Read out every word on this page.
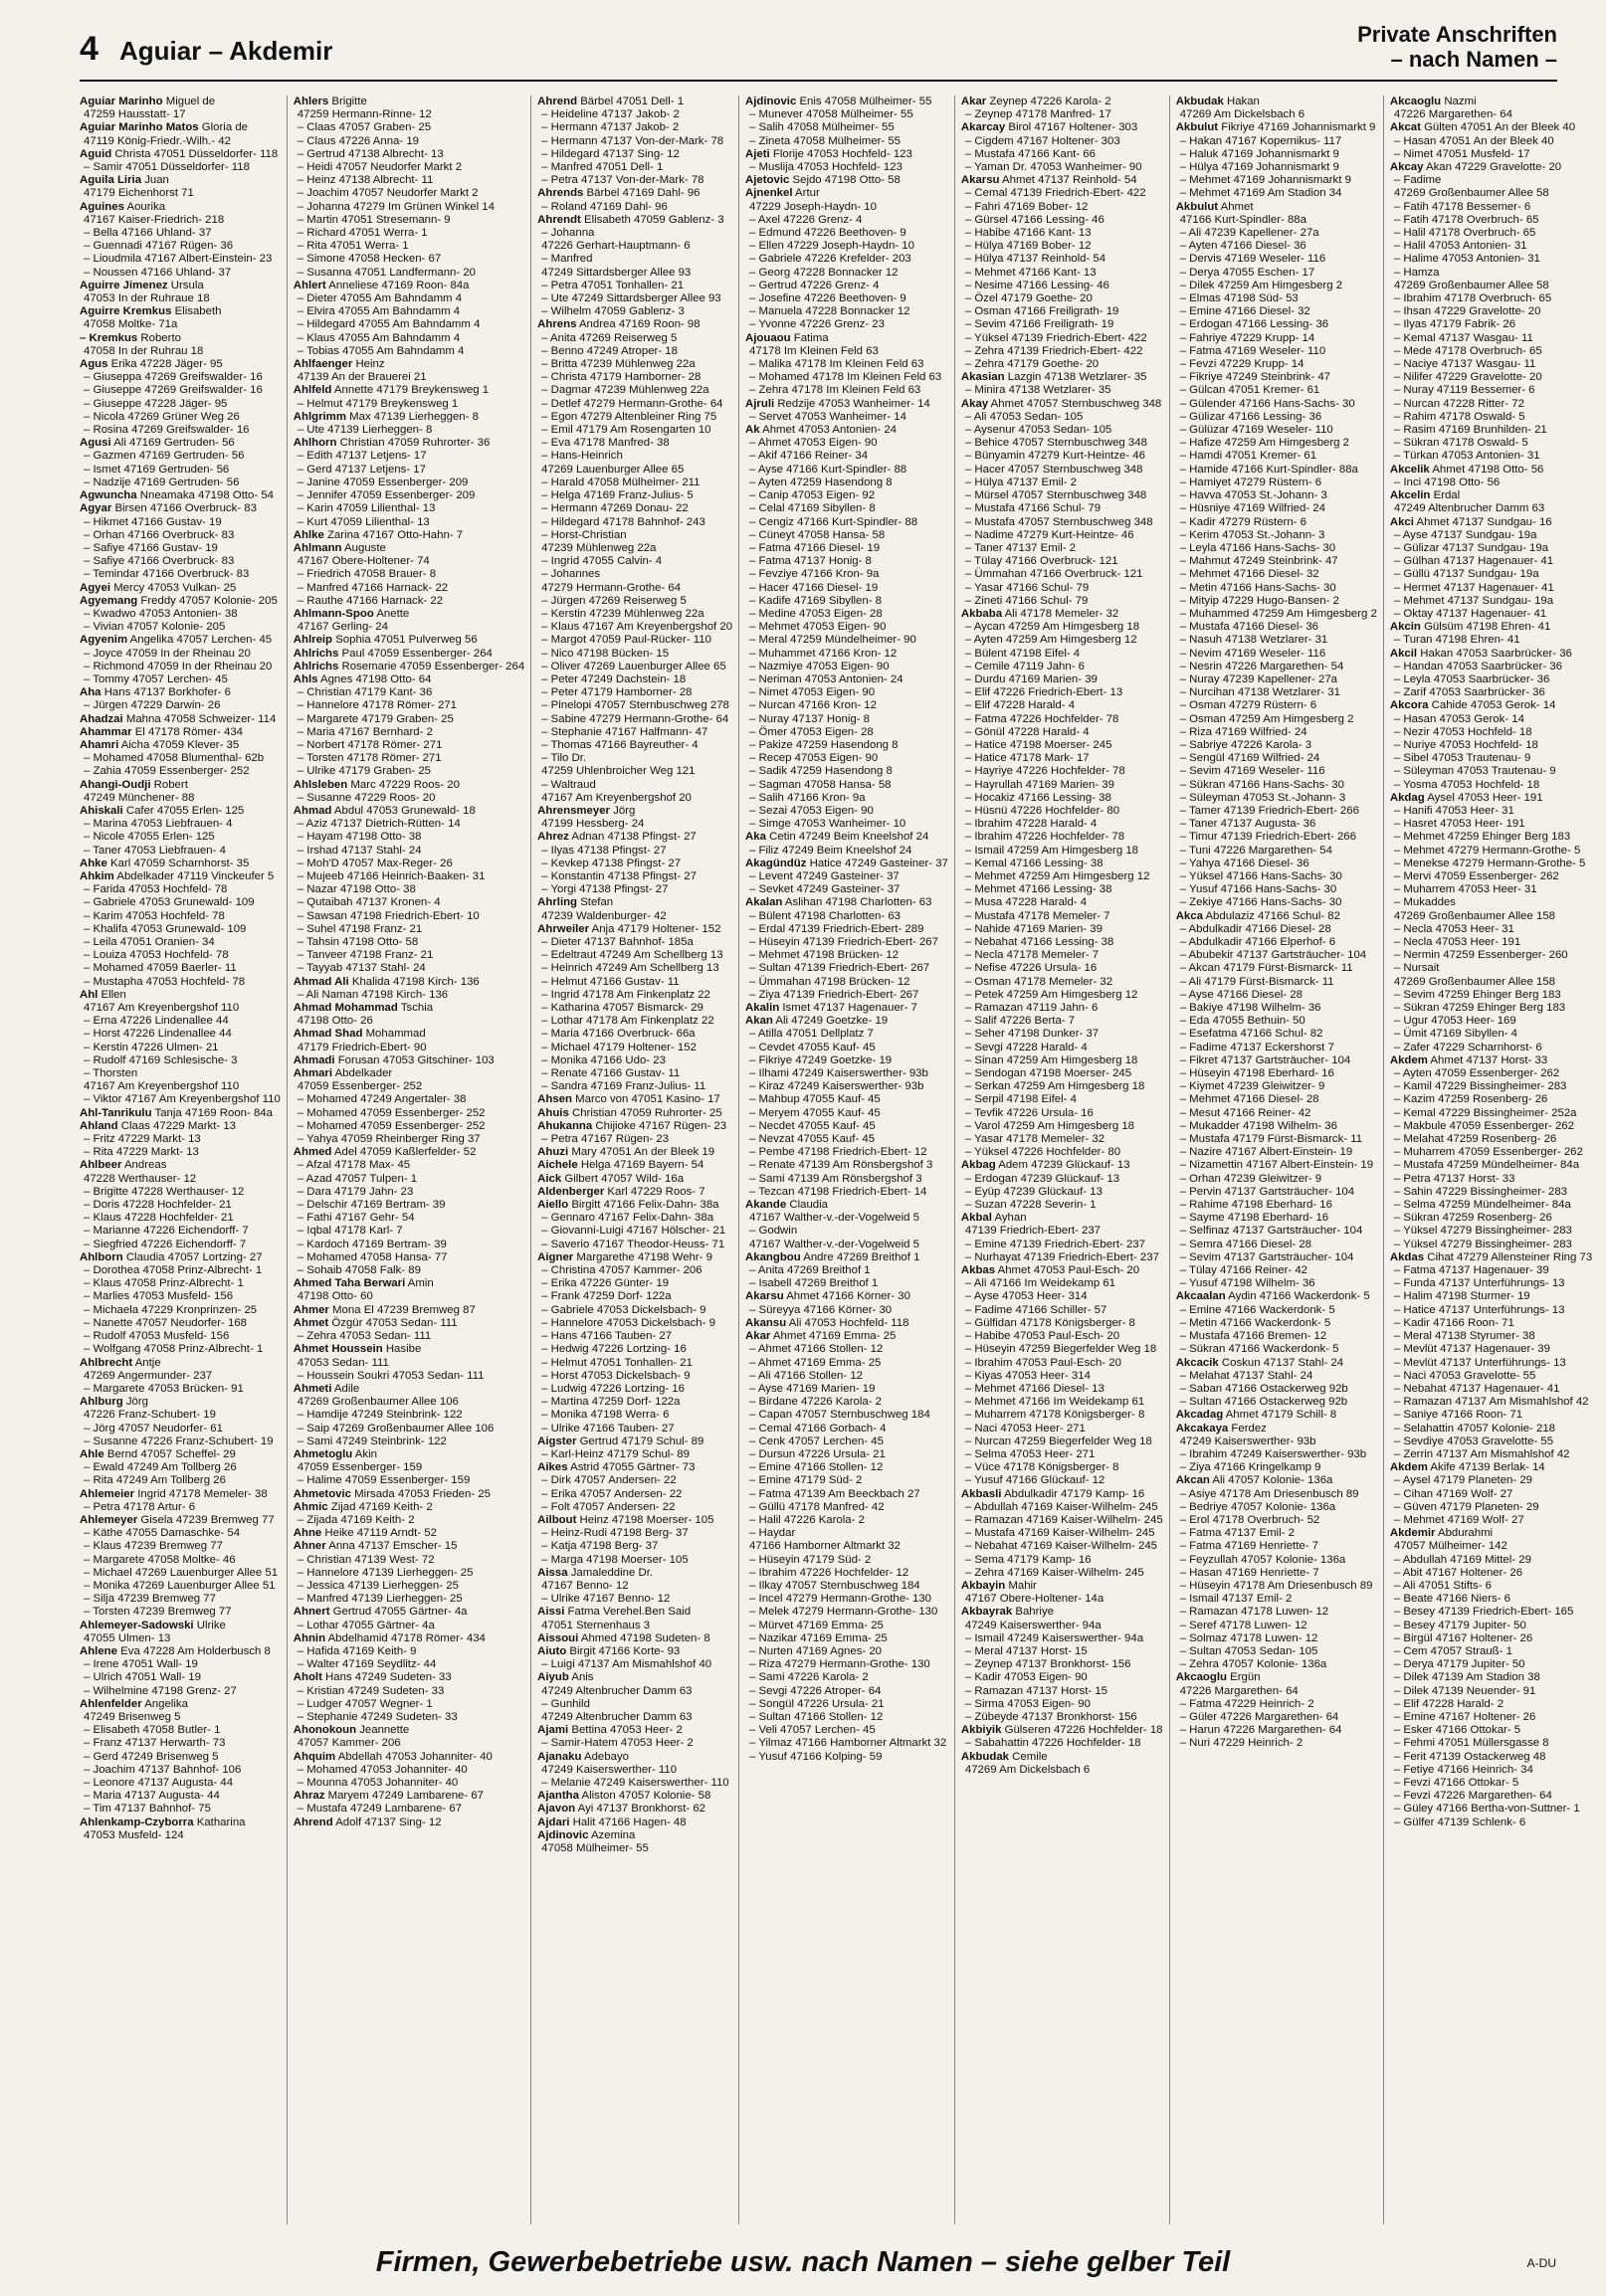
4 Aguiar – Akdemir
Private Anschriften
– nach Namen –
Aguiar Marinho Miguel de
47259 Hausstatt- 17
Aguiar Marinho Matos Gloria de
47119 König-Friedr.-Wilh.- 42
Aguid Christa 47051 Düsseldorfer- 118
– Samir 47051 Düsseldorfer- 118
Aguila Liria Juan
47179 Eichenhorst 71
Aguines Aourika
47167 Kaiser-Friedrich- 218
– Bella 47166 Uhland- 37
– Guennadi 47167 Rügen- 36
– Lioudmila 47167 Albert-Einstein- 23
– Noussen 47166 Uhland- 37
Aguirre Jimenez Ursula
47053 In der Ruhraue 18
Aguirre Kremkus Elisabeth
47058 Moltke- 71a
– Kremkus Roberto
47058 In der Ruhrau 18
Agus Erika 47228 Jäger- 95
– Giuseppa 47269 Greifswalder- 16
– Giuseppe 47269 Greifswalder- 16
– Giuseppe 47228 Jäger- 95
– Nicola 47269 Grüner Weg 26
– Rosina 47269 Greifswalder- 16
Agusi Ali 47169 Gertruden- 56
– Gazmen 47169 Gertruden- 56
– Ismet 47169 Gertruden- 56
– Nadzije 47169 Gertruden- 56
Agwuncha Nneamaka 47198 Otto- 54
Agyar Birsen 47166 Overbruck- 83
– Hikmet 47166 Gustav- 19
– Orhan 47166 Overbruck- 83
– Safiye 47166 Gustav- 19
– Safiye 47166 Overbruck- 83
– Temindar 47166 Overbruck- 83
Agyei Mercy 47053 Vulkan- 25
Agyemang Freddy 47057 Kolonie- 205
– Kwadwo 47053 Antonien- 38
– Vivian 47057 Kolonie- 205
Agyenim Angelika 47057 Lerchen- 45
– Joyce 47059 In der Rheinau 20
– Richmond 47059 In der Rheinau 20
– Tommy 47057 Lerchen- 45
Aha Hans 47137 Borkhofer- 6
– Jürgen 47229 Darwin- 26
Ahadzai Mahna 47058 Schweizer- 114
Ahammar El 47178 Römer- 434
Ahamri Aicha 47059 Klever- 35
– Mohamed 47058 Blumenthal- 62b
– Zahia 47059 Essenberger- 252
Ahangi-Oudji Robert
47249 Münchener- 88
Ahiskali Cafer 47055 Erlen- 125
– Marina 47053 Liebfrauen- 4
– Nicole 47055 Erlen- 125
– Taner 47053 Liebfrauen- 4
Ahke Karl 47059 Scharnhorst- 35
Ahkim Abdelkader 47119 Vinckeufer 5
– Farida 47053 Hochfeld- 78
– Gabriele 47053 Grunewald- 109
– Karim 47053 Hochfeld- 78
– Khalifa 47053 Grunewald- 109
– Leila 47051 Oranien- 34
– Louiza 47053 Hochfeld- 78
– Mohamed 47059 Baerler- 11
– Mustapha 47053 Hochfeld- 78
Ahl Ellen
47167 Am Kreyenbergshof 110
– Erna 47226 Lindenallee 44
– Horst 47226 Lindenallee 44
– Kerstin 47226 Ulmen- 21
– Rudolf 47169 Schlesische- 3
– Thorsten
47167 Am Kreyenbergshof 110
– Viktor 47167 Am Kreyenbergshof 110
Ahl-Tanrikulu Tanja 47169 Roon- 84a
Ahland Claas 47229 Markt- 13
– Fritz 47229 Markt- 13
– Rita 47229 Markt- 13
Ahlbeer Andreas
47228 Werthauser- 12
– Brigitte 47228 Werthauser- 12
– Doris 47228 Hochfelder- 21
– Klaus 47228 Hochfelder- 21
– Marianne 47226 Eichendorff- 7
– Siegfried 47226 Eichendorff- 7
Ahlborn Claudia 47057 Lortzing- 27
– Dorothea 47058 Prinz-Albrecht- 1
– Klaus 47058 Prinz-Albrecht- 1
– Marlies 47053 Musfeld- 156
– Michaela 47229 Kronprinzen- 25
– Nanette 47057 Neudorfer- 168
– Rudolf 47053 Musfeld- 156
– Wolfgang 47058 Prinz-Albrecht- 1
Ahlbrecht Antje
47269 Angermunder- 237
– Margarete 47053 Brücken- 91
Ahlburg Jörg
47226 Franz-Schubert- 19
– Jörg 47057 Neudorfer- 61
– Susanne 47226 Franz-Schubert- 19
Ahle Bernd 47057 Scheffel- 29
– Ewald 47249 Am Tollberg 26
– Rita 47249 Am Tollberg 26
Ahlemeier Ingrid 47178 Memeler- 38
– Petra 47178 Artur- 6
Ahlemeyer Gisela 47239 Bremweg 77
– Käthe 47055 Damaschke- 54
– Klaus 47239 Bremweg 77
– Margarete 47058 Moltke- 46
– Michael 47269 Lauenburger Allee 51
– Monika 47269 Lauenburger Allee 51
– Silja 47239 Bremweg 77
– Torsten 47239 Bremweg 77
Ahlemeyer-Sadowski Ulrike
47055 Ulmen- 13
Ahlene Eva 47228 Am Holderbusch 8
– Irene 47051 Wall- 19
– Ulrich 47051 Wall- 19
– Wilhelmine 47198 Grenz- 27
Ahlenfelder Angelika
47249 Brisenweg 5
– Elisabeth 47058 Butler- 1
– Franz 47137 Herwarth- 73
– Gerd 47249 Brisenweg 5
– Joachim 47137 Bahnhof- 106
– Leonore 47137 Augusta- 44
– Maria 47137 Augusta- 44
– Tim 47137 Bahnhof- 75
Ahlenkamp-Czyborra Katharina
47053 Musfeld- 124
Ahlers Brigitte
47259 Hermann-Rinne- 12
– Claas 47057 Graben- 25
– Claus 47226 Anna- 19
– Gertrud 47138 Albrecht- 13
– Heidi 47057 Neudorfer Markt 2
– Heinz 47138 Albrecht- 11
– Joachim 47057 Neudorfer Markt 2
– Johanna 47279 Im Grünen Winkel 14
– Martin 47051 Stresemann- 9
– Richard 47051 Werra- 1
– Rita 47051 Werra- 1
– Simone 47058 Hecken- 67
– Susanna 47051 Landfermann- 20
Ahlert Anneliese 47169 Roon- 84a
– Dieter 47055 Am Bahndamm 4
– Elvira 47055 Am Bahndamm 4
– Hildegard 47055 Am Bahndamm 4
– Klaus 47055 Am Bahndamm 4
– Tobias 47055 Am Bahndamm 4
Ahlfaenger Heinz
47139 An der Brauerei 21
Ahlfeld Annette 47179 Breykensweg 1
– Helmut 47179 Breykensweg 1
Ahlgrimm Max 47139 Lierheggen- 8
– Ute 47139 Lierheggen- 8
Ahlhorn Christian 47059 Ruhrorter- 36
– Edith 47137 Letjens- 17
– Gerd 47137 Letjens- 17
– Janine 47059 Essenberger- 209
– Jennifer 47059 Essenberger- 209
– Karin 47059 Lilienthal- 13
– Kurt 47059 Lilienthal- 13
Ahlke Zarina 47167 Otto-Hahn- 7
Ahlmann Auguste
47167 Obere-Holtener- 74
– Friedrich 47058 Brauer- 8
– Manfred 47166 Harnack- 22
– Rauthe 47166 Harnack- 22
Ahlmann-Spoo Anette
47167 Gerling- 24
Ahlreip Sophia 47051 Pulverweg 56
Ahlrichs Paul 47059 Essenberger- 264
Ahlrichs Rosemarie 47059 Essenberger- 264
Ahls Agnes 47198 Otto- 64
– Christian 47179 Kant- 36
– Hannelore 47178 Römer- 271
– Margarete 47179 Graben- 25
– Maria 47167 Bernhard- 2
– Norbert 47178 Römer- 271
– Torsten 47178 Römer- 271
– Ulrike 47179 Graben- 25
Ahlsleben Marc 47229 Roos- 20
– Susanne 47229 Roos- 20
Ahmad Abdul 47053 Grunewald- 18
– Aziz 47137 Dietrich-Rütten- 14
– Hayam 47198 Otto- 38
– Irshad 47137 Stahl- 24
– Moh'D 47057 Max-Reger- 26
– Mujeeb 47166 Heinrich-Baaken- 31
– Nazar 47198 Otto- 38
– Qutaibah 47137 Kronen- 4
– Sawsan 47198 Friedrich-Ebert- 10
– Suhel 47198 Franz- 21
– Tahsin 47198 Otto- 58
– Tanveer 47198 Franz- 21
– Tayyab 47137 Stahl- 24
Ahmad Ali Khalida 47198 Kirch- 136
– Ali Naman 47198 Kirch- 136
Ahmad Mohammad Tschia
47198 Otto- 26
Ahmad Shad Mohammad
47179 Friedrich-Ebert- 90
Ahmadi Forusan 47053 Gitschiner- 103
Ahmari Abdelkader
47059 Essenberger- 252
– Mohamed 47249 Angertaler- 38
– Mohamed 47059 Essenberger- 252
– Mohamed 47059 Essenberger- 252
– Yahya 47059 Rheinberger Ring 37
Ahmed Adel 47059 Kaßlerfelder- 52
– Afzal 47178 Max- 45
– Azad 47057 Tulpen- 1
– Dara 47179 Jahn- 23
– Delschir 47169 Bertram- 39
– Fathi 47167 Gehr- 54
– Iqbal 47178 Karl- 7
– Kardoch 47169 Bertram- 39
– Mohamed 47058 Hansa- 77
– Sohaib 47058 Falk- 89
Ahmed Taha Berwari Amin
47198 Otto- 60
Ahmer Mona El 47239 Bremweg 87
Ahmet Özgür 47053 Sedan- 111
– Zehra 47053 Sedan- 111
Ahmet Houssein Hasibe
47053 Sedan- 111
– Houssein Soukri 47053 Sedan- 111
Ahmeti Adile
47269 Großenbaumer Allee 106
– Hamdije 47249 Steinbrink- 122
– Saip 47269 Großenbaumer Allee 106
– Sami 47249 Steinbrink- 122
Ahmetoglu Akin
47059 Essenberger- 159
– Halime 47059 Essenberger- 159
Ahmetovic Mirsada 47053 Frieden- 25
Ahmic Zijad 47169 Keith- 2
– Zijada 47169 Keith- 2
Ahne Heike 47119 Arndt- 52
Ahner Anna 47137 Emscher- 15
– Christian 47139 West- 72
– Hannelore 47139 Lierheggen- 25
– Jessica 47139 Lierheggen- 25
– Manfred 47139 Lierheggen- 25
Ahnert Gertrud 47055 Gärtner- 4a
– Lothar 47055 Gärtner- 4a
Ahnin Abdelhamid 47178 Römer- 434
– Hafida 47169 Keith- 9
– Walter 47169 Seydlitz- 44
Aholt Hans 47249 Sudeten- 33
– Kristian 47249 Sudeten- 33
– Ludger 47057 Wegner- 1
– Stephanie 47249 Sudeten- 33
Ahonokoun Jeannette
47057 Kammer- 206
Ahquim Abdellah 47053 Johanniter- 40
– Mohamed 47053 Johanniter- 40
– Mounna 47053 Johanniter- 40
Ahraz Maryem 47249 Lambarene- 67
– Mustafa 47249 Lambarene- 67
Ahrend Adolf 47137 Sing- 12
Ahrend Bärbel 47051 Dell- 1
– Heideline 47137 Jakob- 2
– Hermann 47137 Jakob- 2
– Hermann 47137 Von-der-Mark- 78
– Hildegard 47137 Sing- 12
– Manfred 47051 Dell- 1
– Petra 47137 Von-der-Mark- 78
Ahrends Bärbel 47169 Dahl- 96
– Roland 47169 Dahl- 96
Ahrendt Elisabeth 47059 Gablenz- 3
– Johanna
47226 Gerhart-Hauptmann- 6
– Manfred
47249 Sittardsberger Allee 93
– Petra 47051 Tonhallen- 21
– Ute 47249 Sittardsberger Allee 93
– Wilhelm 47059 Gablenz- 3
Ahrens Andrea 47169 Roon- 98
– Anita 47269 Reiserweg 5
– Benno 47249 Atroper- 18
– Britta 47239 Mühlenweg 22a
– Christa 47179 Hamborner- 28
– Dagmar 47239 Mühlenweg 22a
– Detlef 47279 Hermann-Grothe- 64
– Egon 47279 Altenbleiner Ring 75
– Emil 47179 Am Rosengarten 10
– Eva 47178 Manfred- 38
– Hans-Heinrich
47269 Lauenburger Allee 65
– Harald 47058 Mülheimer- 211
– Helga 47169 Franz-Julius- 5
– Hermann 47269 Donau- 22
– Hildegard 47178 Bahnhof- 243
– Horst-Christian
47239 Mühlenweg 22a
– Ingrid 47055 Calvin- 4
– Johannes
47279 Hermann-Grothe- 64
– Jürgen 47269 Reiserweg 5
– Kerstin 47239 Mühlenweg 22a
– Klaus 47167 Am Kreyenbergshof 20
– Margot 47059 Paul-Rücker- 110
– Nico 47198 Bücken- 15
– Oliver 47269 Lauenburger Allee 65
– Peter 47249 Dachstein- 18
– Peter 47179 Hamborner- 28
– Pinelopi 47057 Sternbuschweg 278
– Sabine 47279 Hermann-Grothe- 64
– Stephanie 47167 Halfmann- 47
– Thomas 47166 Bayreuther- 4
– Tilo Dr.
47259 Uhlenbroicher Weg 121
– Waltraud
47167 Am Kreyenbergshof 20
Ahrensmeyer Jörg
47199 Hessberg- 24
Ahrez Adnan 47138 Pfingst- 27
– Ilyas 47138 Pfingst- 27
– Kevkep 47138 Pfingst- 27
– Konstantin 47138 Pfingst- 27
– Yorgi 47138 Pfingst- 27
Ahrling Stefan
47239 Waldenburger- 42
Ahrweiler Anja 47179 Holtener- 152
– Dieter 47137 Bahnhof- 185a
– Edeltraut 47249 Am Schellberg 13
– Heinrich 47249 Am Schellberg 13
– Helmut 47166 Gustav- 11
– Ingrid 47178 Am Finkenplatz 22
– Katharina 47057 Bismarck- 29
– Lothar 47178 Am Finkenplatz 22
– Maria 47166 Overbruck- 66a
– Michael 47179 Holtener- 152
– Monika 47166 Udo- 23
– Renate 47166 Gustav- 11
– Sandra 47169 Franz-Julius- 11
Ahsen Marco von 47051 Kasino- 17
Ahuis Christian 47059 Ruhrorter- 25
Ahukanna Chijioke 47167 Rügen- 23
– Petra 47167 Rügen- 23
Ahuzi Mary 47051 An der Bleek 19
Aichele Helga 47169 Bayern- 54
Aick Gilbert 47057 Wild- 16a
Aldenberger Karl 47229 Roos- 7
Aiello Birgitt 47166 Felix-Dahn- 38a
– Gennaro 47167 Felix-Dahn- 38a
– Giovanni-Luigi 47167 Hölscher- 21
– Saverio 47167 Theodor-Heuss- 71
Aigner Margarethe 47198 Wehr- 9
– Christina 47057 Kammer- 206
– Erika 47226 Günter- 19
– Frank 47259 Dorf- 122a
– Gabriele 47053 Dickelsbach- 9
– Hannelore 47053 Dickelsbach- 9
– Hans 47166 Tauben- 27
– Hedwig 47226 Lortzing- 16
– Helmut 47051 Tonhallen- 21
– Horst 47053 Dickelsbach- 9
– Ludwig 47226 Lortzing- 16
– Martina 47259 Dorf- 122a
– Monika 47198 Werra- 6
– Ulrike 47166 Tauben- 27
Aigster Gertrud 47179 Schul- 89
– Karl-Heinz 47179 Schul- 89
Aikes Astrid 47055 Gärtner- 73
– Dirk 47057 Andersen- 22
– Erika 47057 Andersen- 22
– Folt 47057 Andersen- 22
Ailbout Heinz 47198 Moerser- 105
– Heinz-Rudi 47198 Berg- 37
– Katja 47198 Berg- 37
– Marga 47198 Moerser- 105
Aissa Jamaleddine Dr.
47167 Benno- 12
– Ulrike 47167 Benno- 12
Aissi Fatma Verehel.Ben Said
47051 Sternenhaus 3
Aissoui Ahmed 47198 Sudeten- 8
Aiuto Birgit 47166 Korte- 93
– Luigi 47137 Am Mismahlshof 40
Aiyub Anis
47249 Altenbrucher Damm 63
– Gunhild
47249 Altenbrucher Damm 63
Ajami Bettina 47053 Heer- 2
– Samir-Hatem 47053 Heer- 2
Ajanaku Adebayo
47249 Kaiserswerther- 110
– Melanie 47249 Kaiserswerther- 110
Ajantha Aliston 47057 Kolonie- 58
Ajavon Ayi 47137 Bronkhorst- 62
Ajdari Halit 47166 Hagen- 48
Ajdinovic Azemina
47058 Mülheimer- 55
Ajdinovic Enis 47058 Mülheimer- 55
– Munever 47058 Mülheimer- 55
– Salih 47058 Mülheimer- 55
– Zineta 47058 Mülheimer- 55
Ajeti Florije 47053 Hochfeld- 123
– Muslija 47053 Hochfeld- 123
Ajetovic Sejdo 47198 Otto- 58
Ajnenkel Artur
47229 Joseph-Haydn- 10
– Axel 47226 Grenz- 4
– Edmund 47226 Beethoven- 9
– Ellen 47229 Joseph-Haydn- 10
– Gabriele 47226 Krefelder- 203
– Georg 47228 Bonnacker 12
– Gertrud 47226 Grenz- 4
– Josefine 47226 Beethoven- 9
– Manuela 47228 Bonnacker 12
– Yvonne 47226 Grenz- 23
Ajouaou Fatima
47178 Im Kleinen Feld 63
– Malika 47178 Im Kleinen Feld 63
– Mohamed 47178 Im Kleinen Feld 63
– Zehra 47178 Im Kleinen Feld 63
Ajruli Redzije 47053 Wanheimer- 14
– Servet 47053 Wanheimer- 14
Ak Ahmet 47053 Antonien- 24
– Ahmet 47053 Eigen- 90
– Akif 47166 Reiner- 34
– Ayse 47166 Kurt-Spindler- 88
– Ayten 47259 Hasendong 8
– Canip 47053 Eigen- 92
– Celal 47169 Sibyllen- 8
– Cengiz 47166 Kurt-Spindler- 88
– Cüneyt 47058 Hansa- 58
– Fatma 47166 Diesel- 19
– Fatma 47137 Honig- 8
– Fevziye 47166 Kron- 9a
– Hacer 47166 Diesel- 19
– Kadife 47169 Sibyllen- 8
– Medine 47053 Eigen- 28
– Mehmet 47053 Eigen- 90
– Meral 47259 Mündelheimer- 90
– Muhammet 47166 Kron- 12
– Nazmiye 47053 Eigen- 90
– Neriman 47053 Antonien- 24
– Nimet 47053 Eigen- 90
– Nurcan 47166 Kron- 12
– Nuray 47137 Honig- 8
– Ömer 47053 Eigen- 28
– Pakize 47259 Hasendong 8
– Recep 47053 Eigen- 90
– Sadik 47259 Hasendong 8
– Sagman 47058 Hansa- 58
– Salih 47166 Kron- 9a
– Sezai 47053 Eigen- 90
– Simge 47053 Wanheimer- 10
Aka Cetin 47249 Beim Kneelshof 24
– Filiz 47249 Beim Kneelshof 24
Akagündüz Hatice 47249 Gasteiner- 37
– Levent 47249 Gasteiner- 37
– Sevket 47249 Gasteiner- 37
Akalan Aslihan 47198 Charlotten- 63
– Bülent 47198 Charlotten- 63
– Erdal 47139 Friedrich-Ebert- 289
– Hüseyin 47139 Friedrich-Ebert- 267
– Mehmet 47198 Brücken- 12
– Sultan 47139 Friedrich-Ebert- 267
– Ümmahan 47198 Brücken- 12
– Ziya 47139 Friedrich-Ebert- 267
Akalin Ismet 47137 Hagenauer- 7
Akan Ali 47249 Goetzke- 19
– Atilla 47051 Dellplatz 7
– Cevdet 47055 Kauf- 45
– Fikriye 47249 Goetzke- 19
– Ilhami 47249 Kaiserswerther- 93b
– Kiraz 47249 Kaiserswerther- 93b
– Mahbup 47055 Kauf- 45
– Meryem 47055 Kauf- 45
– Necdet 47055 Kauf- 45
– Nevzat 47055 Kauf- 45
– Pembe 47198 Friedrich-Ebert- 12
– Renate 47139 Am Rönsbergshof 3
– Sami 47139 Am Rönsbergshof 3
– Tezcan 47198 Friedrich-Ebert- 14
Akande Claudia
47167 Walther-v.-der-Vogelweid 5
– Godwin
47167 Walther-v.-der-Vogelweid 5
Akangbou Andre 47269 Breithof 1
– Anita 47269 Breithof 1
– Isabell 47269 Breithof 1
Akarsu Ahmet 47166 Körner- 30
– Süreyya 47166 Körner- 30
Akansu Ali 47053 Hochfeld- 118
Akar Ahmet 47169 Emma- 25
– Ahmet 47166 Stollen- 12
– Ahmet 47169 Emma- 25
– Ali 47166 Stollen- 12
– Ayse 47169 Marien- 19
– Birdane 47226 Karola- 2
– Capan 47057 Sternbuschweg 184
– Cemal 47166 Gorbach- 4
– Cenk 47057 Lerchen- 45
– Dursun 47226 Ursula- 21
– Emine 47166 Stollen- 12
– Emine 47179 Süd- 2
– Fatma 47139 Am Beeckbach 27
– Güllü 47178 Manfred- 42
– Halil 47226 Karola- 2
– Haydar
47166 Hamborner Altmarkt 32
– Hüseyin 47179 Süd- 2
– Ibrahim 47226 Hochfelder- 12
– Ilkay 47057 Sternbuschweg 184
– Incel 47279 Hermann-Grothe- 130
– Melek 47279 Hermann-Grothe- 130
– Mürvet 47169 Emma- 25
– Nazikar 47169 Emma- 25
– Nurten 47169 Agnes- 20
– Riza 47279 Hermann-Grothe- 130
– Sami 47226 Karola- 2
– Sevgi 47226 Atroper- 64
– Songül 47226 Ursula- 21
– Sultan 47166 Stollen- 12
– Veli 47057 Lerchen- 45
– Yilmaz 47166 Hamborner Altmarkt 32
– Yusuf 47166 Kolping- 59
Akar Zeynep 47226 Karola- 2
– Zeynep 47178 Manfred- 17
Akarcay Birol 47167 Holtener- 303
– Cigdem 47167 Holtener- 303
– Mustafa 47166 Kant- 66
– Yaman Dr. 47053 Wanheimer- 90
Akarsu Ahmet 47137 Reinhold- 54
– Cemal 47139 Friedrich-Ebert- 422
– Fahri 47169 Bober- 12
– Gürsel 47166 Lessing- 46
– Habibe 47166 Kant- 13
– Hülya 47169 Bober- 12
– Hülya 47137 Reinhold- 54
– Mehmet 47166 Kant- 13
– Nesime 47166 Lessing- 46
– Özel 47179 Goethe- 20
– Osman 47166 Freiligrath- 19
– Sevim 47166 Freiligrath- 19
– Yüksel 47139 Friedrich-Ebert- 422
– Zehra 47139 Friedrich-Ebert- 422
– Zehra 47179 Goethe- 20
Akasian Lazgin 47138 Wetzlarer- 35
– Minira 47138 Wetzlarer- 35
Akay Ahmet 47057 Sternbuschweg 348
– Ali 47053 Sedan- 105
– Aysenur 47053 Sedan- 105
– Behice 47057 Sternbuschweg 348
– Bünyamin 47279 Kurt-Heintze- 46
– Hacer 47057 Sternbuschweg 348
– Hülya 47137 Emil- 2
– Mürsel 47057 Sternbuschweg 348
– Mustafa 47166 Schul- 79
– Mustafa 47057 Sternbuschweg 348
– Nadime 47279 Kurt-Heintze- 46
– Taner 47137 Emil- 2
– Tülay 47166 Overbruck- 121
– Ümmahan 47166 Overbruck- 121
– Yasar 47166 Schul- 79
– Zineti 47166 Schul- 79
Akbaba Ali 47178 Memeler- 32
– Aycan 47259 Am Himgesberg 18
– Ayten 47259 Am Himgesberg 12
– Bülent 47198 Eifel- 4
– Cemile 47119 Jahn- 6
– Durdu 47169 Marien- 39
– Elif 47226 Friedrich-Ebert- 13
– Elif 47228 Harald- 4
– Fatma 47226 Hochfelder- 78
– Gönül 47228 Harald- 4
– Hatice 47198 Moerser- 245
– Hatice 47178 Mark- 17
– Hayriye 47226 Hochfelder- 78
– Hayrullah 47169 Marien- 39
– Hocakiz 47166 Lessing- 38
– Hüsnü 47226 Hochfelder- 80
– Ibrahim 47228 Harald- 4
– Ibrahim 47226 Hochfelder- 78
– Ismail 47259 Am Himgesberg 18
– Kemal 47166 Lessing- 38
– Mehmet 47259 Am Himgesberg 12
– Mehmet 47166 Lessing- 38
– Musa 47228 Harald- 4
– Mustafa 47178 Memeler- 7
– Nahide 47169 Marien- 39
– Nebahat 47166 Lessing- 38
– Necla 47178 Memeler- 7
– Nefise 47226 Ursula- 16
– Osman 47178 Memeler- 32
– Petek 47259 Am Himgesberg 12
– Ramazan 47119 Jahn- 6
– Salif 47226 Berta- 7
– Seher 47198 Dunker- 37
– Sevgi 47228 Harald- 4
– Sinan 47259 Am Himgesberg 18
– Sendogan 47198 Moerser- 245
– Serkan 47259 Am Himgesberg 18
– Serpil 47198 Eifel- 4
– Tevfik 47226 Ursula- 16
– Varol 47259 Am Himgesberg 18
– Yasar 47178 Memeler- 32
– Yüksel 47226 Hochfelder- 80
Akbag Adem 47239 Glückauf- 13
– Erdogan 47239 Glückauf- 13
– Eyüp 47239 Glückauf- 13
– Suzan 47228 Severin- 1
Akbal Ayhan
47139 Friedrich-Ebert- 237
– Emine 47139 Friedrich-Ebert- 237
– Nurhayat 47139 Friedrich-Ebert- 237
Akbas Ahmet 47053 Paul-Esch- 20
– Ali 47166 Im Weidekamp 61
– Ayse 47053 Heer- 314
– Fadime 47166 Schiller- 57
– Gülfidan 47178 Königsberger- 8
– Habibe 47053 Paul-Esch- 20
– Hüseyin 47259 Biegerfelder Weg 18
– Ibrahim 47053 Paul-Esch- 20
– Kiyas 47053 Heer- 314
– Mehmet 47166 Diesel- 13
– Mehmet 47166 Im Weidekamp 61
– Muharrem 47178 Königsberger- 8
– Naci 47053 Heer- 271
– Nurcan 47259 Biegerfelder Weg 18
– Selma 47053 Heer- 271
– Vüce 47178 Königsberger- 8
– Yusuf 47166 Glückauf- 12
Akbasli Abdulkadir 47179 Kamp- 16
– Abdullah 47169 Kaiser-Wilhelm- 245
– Ramazan 47169 Kaiser-Wilhelm- 245
– Mustafa 47169 Kaiser-Wilhelm- 245
– Nebahat 47169 Kaiser-Wilhelm- 245
– Sema 47179 Kamp- 16
– Zehra 47169 Kaiser-Wilhelm- 245
Akbayin Mahir
47167 Obere-Holtener- 14a
Akbayrak Bahriye
47249 Kaiserswerther- 94a
– Ismail 47249 Kaiserswerther- 94a
– Meral 47137 Horst- 15
– Zeynep 47137 Bronkhorst- 156
– Kadir 47053 Eigen- 90
– Ramazan 47137 Horst- 15
– Sirma 47053 Eigen- 90
– Zübeyde 47137 Bronkhorst- 156
Akbiyik Gülseren 47226 Hochfelder- 18
– Sabahattin 47226 Hochfelder- 18
Akbudak Cemile
47269 Am Dickelsbach 6
Akbudak Hakan
47269 Am Dickelsbach 6
Akbulut Fikriye 47169 Johannismarkt 9
– Hakan 47167 Kopernikus- 117
– Haluk 47169 Johannismarkt 9
– Hülya 47169 Johannismarkt 9
– Mehmet 47169 Johannismarkt 9
– Mehmet 47169 Am Stadion 34
Akbulut Ahmet
47166 Kurt-Spindler- 88a
– Ali 47239 Kapellener- 27a
– Ayten 47166 Diesel- 36
– Dervis 47169 Weseler- 116
– Derya 47055 Eschen- 17
– Dilek 47259 Am Himgesberg 2
– Elmas 47198 Süd- 53
– Emine 47166 Diesel- 32
– Erdogan 47166 Lessing- 36
– Fahriye 47229 Krupp- 14
– Fatma 47169 Weseler- 110
– Fevzi 47229 Krupp- 14
– Fikriye 47249 Steinbrink- 47
– Gülcan 47051 Kremer- 61
– Gülender 47166 Hans-Sachs- 30
– Gülizar 47166 Lessing- 36
– Gülüzar 47169 Weseler- 110
– Hafize 47259 Am Himgesberg 2
– Hamdi 47051 Kremer- 61
– Hamide 47166 Kurt-Spindler- 88a
– Hamiyet 47279 Rüstern- 6
– Havva 47053 St.-Johann- 3
– Hüsniye 47169 Wilfried- 24
– Kadir 47279 Rüstern- 6
– Kerim 47053 St.-Johann- 3
– Leyla 47166 Hans-Sachs- 30
– Mahmut 47249 Steinbrink- 47
– Mehmet 47166 Diesel- 32
– Metin 47166 Hans-Sachs- 30
– Mityip 47229 Hugo-Bansen- 2
– Muhammed 47259 Am Himgesberg 2
– Mustafa 47166 Diesel- 36
– Nasuh 47138 Wetzlarer- 31
– Nevim 47169 Weseler- 116
– Nesrin 47226 Margarethen- 54
– Nuray 47239 Kapellener- 27a
– Nurcihan 47138 Wetzlarer- 31
– Osman 47279 Rüstern- 6
– Osman 47259 Am Himgesberg 2
– Riza 47169 Wilfried- 24
– Sabriye 47226 Karola- 3
– Sengül 47169 Wilfried- 24
– Sevim 47169 Weseler- 116
– Sükran 47166 Hans-Sachs- 30
– Süleyman 47053 St.-Johann- 3
– Tamer 47139 Friedrich-Ebert- 266
– Taner 47137 Augusta- 36
– Timur 47139 Friedrich-Ebert- 266
– Tuni 47226 Margarethen- 54
– Yahya 47166 Diesel- 36
– Yüksel 47166 Hans-Sachs- 30
– Yusuf 47166 Hans-Sachs- 30
– Zekiye 47166 Hans-Sachs- 30
Akca Abdulaziz 47166 Schul- 82
– Abdulkadir 47166 Diesel- 28
– Abdulkadir 47166 Elperhof- 6
– Abubekir 47137 Gartsträucher- 104
– Akcan 47179 Fürst-Bismarck- 11
– Ali 47179 Fürst-Bismarck- 11
– Ayse 47166 Diesel- 28
– Bakiye 47198 Wilhelm- 36
– Eda 47055 Bethuin- 50
– Esefatma 47166 Schul- 82
– Fadime 47137 Eckershorst 7
– Fikret 47137 Gartsträucher- 104
– Hüseyin 47198 Eberhard- 16
– Kiymet 47239 Gleiwitzer- 9
– Mehmet 47166 Diesel- 28
– Mesut 47166 Reiner- 42
– Mukadder 47198 Wilhelm- 36
– Mustafa 47179 Fürst-Bismarck- 11
– Nazire 47167 Albert-Einstein- 19
– Nizamettin 47167 Albert-Einstein- 19
– Orhan 47239 Gleiwitzer- 9
– Pervin 47137 Gartsträucher- 104
– Rahime 47198 Eberhard- 16
– Sayme 47198 Eberhard- 16
– Selfinaz 47137 Gartsträucher- 104
– Semra 47166 Diesel- 28
– Sevim 47137 Gartsträucher- 104
– Tülay 47166 Reiner- 42
– Yusuf 47198 Wilhelm- 36
Akcaalan Aydin 47166 Wackerdonk- 5
– Emine 47166 Wackerdonk- 5
– Metin 47166 Wackerdonk- 5
– Mustafa 47166 Bremen- 12
– Sükran 47166 Wackerdonk- 5
Akcacik Coskun 47137 Stahl- 24
– Melahat 47137 Stahl- 24
– Saban 47166 Ostackerweg 92b
– Sultan 47166 Ostackerweg 92b
Akcadag Ahmet 47179 Schill- 8
Akcakaya Ferdez
47249 Kaiserswerther- 93b
– Ibrahim 47249 Kaiserswerther- 93b
– Ziya 47166 Kringelkamp 9
Akcan Ali 47057 Kolonie- 136a
– Asiye 47178 Am Driesenbusch 89
– Bedriye 47057 Kolonie- 136a
– Erol 47178 Overbruch- 52
– Fatma 47137 Emil- 2
– Fatma 47169 Henriette- 7
– Feyzullah 47057 Kolonie- 136a
– Hasan 47169 Henriette- 7
– Hüseyin 47178 Am Driesenbusch 89
– Ismail 47137 Emil- 2
– Ramazan 47178 Luwen- 12
– Seref 47178 Luwen- 12
– Solmaz 47178 Luwen- 12
– Sultan 47053 Sedan- 105
– Zehra 47057 Kolonie- 136a
Akcaoglu Ergün
47226 Margarethen- 64
– Fatma 47229 Heinrich- 2
– Güler 47226 Margarethen- 64
– Harun 47226 Margarethen- 64
– Nuri 47229 Heinrich- 2
Akcaoglu Nazmi
47226 Margarethen- 64
Akcat Gülten 47051 An der Bleek 40
– Hasan 47051 An der Bleek 40
– Nimet 47051 Musfeld- 17
Akcay Akan 47229 Gravelotte- 20
– Fadime
47269 Großenbaumer Allee 58
– Fatih 47178 Bessemer- 6
– Fatih 47178 Overbruch- 65
– Halil 47178 Overbruch- 65
– Halil 47053 Antonien- 31
– Halime 47053 Antonien- 31
– Hamza
47269 Großenbaumer Allee 58
– Ibrahim 47178 Overbruch- 65
– Ihsan 47229 Gravelotte- 20
– Ilyas 47179 Fabrik- 26
– Kemal 47137 Wasgau- 11
– Mede 47178 Overbruch- 65
– Naciye 47137 Wasgau- 11
– Nilifer 47229 Gravelotte- 20
– Nuray 47119 Bessemer- 6
– Nurcan 47228 Ritter- 72
– Rahim 47178 Oswald- 5
– Rasim 47169 Brunhilden- 21
– Sükran 47178 Oswald- 5
– Türkan 47053 Antonien- 31
Akcelik Ahmet 47198 Otto- 56
– Inci 47198 Otto- 56
Akcelin Erdal
47249 Altenbrucher Damm 63
Akci Ahmet 47137 Sundgau- 16
– Ayse 47137 Sundgau- 19a
– Gülizar 47137 Sundgau- 19a
– Gülhan 47137 Hagenauer- 41
– Güllü 47137 Sundgau- 19a
– Hermet 47137 Hagenauer- 41
– Mehmet 47137 Sundgau- 19a
– Oktay 47137 Hagenauer- 41
Akcin Gülsüm 47198 Ehren- 41
– Turan 47198 Ehren- 41
Akcil Hakan 47053 Saarbrücker- 36
– Handan 47053 Saarbrücker- 36
– Leyla 47053 Saarbrücker- 36
– Zarif 47053 Saarbrücker- 36
Akcora Cahide 47053 Gerok- 14
– Hasan 47053 Gerok- 14
– Nezir 47053 Hochfeld- 18
– Nuriye 47053 Hochfeld- 18
– Sibel 47053 Trautenau- 9
– Süleyman 47053 Trautenau- 9
– Yosma 47053 Hochfeld- 18
Akdag Aysel 47053 Heer- 191
– Hanifi 47053 Heer- 31
– Hasret 47053 Heer- 191
– Mehmet 47259 Ehinger Berg 183
– Mehmet 47279 Hermann-Grothe- 5
– Menekse 47279 Hermann-Grothe- 5
– Mervi 47059 Essenberger- 262
– Muharrem 47053 Heer- 31
– Mukaddes
47269 Großenbaumer Allee 158
– Necla 47053 Heer- 31
– Necla 47053 Heer- 191
– Nermin 47259 Essenberger- 260
– Nursait
47269 Großenbaumer Allee 158
– Sevim 47259 Ehinger Berg 183
– Sükran 47259 Ehinger Berg 183
– Ugur 47053 Heer- 169
– Ümit 47169 Sibyllen- 4
– Zafer 47229 Scharnhorst- 6
Akdem Ahmet 47137 Horst- 33
– Ayten 47059 Essenberger- 262
– Kamil 47229 Bissingheimer- 283
– Kazim 47259 Rosenberg- 26
– Kemal 47229 Bissingheimer- 252a
– Makbule 47059 Essenberger- 262
– Melahat 47259 Rosenberg- 26
– Muharrem 47059 Essenberger- 262
– Mustafa 47259 Mündelheimer- 84a
– Petra 47137 Horst- 33
– Sahin 47229 Bissingheimer- 283
– Selma 47259 Mündelheimer- 84a
– Sükran 47259 Rosenberg- 26
– Yüksel 47279 Bissingheimer- 283
– Yüksel 47279 Bissingheimer- 283
Akdas Cihat 47279 Allensteiner Ring 73
– Fatma 47137 Hagenauer- 39
– Funda 47137 Unterführungs- 13
– Halim 47198 Sturmer- 19
– Hatice 47137 Unterführungs- 13
– Kadir 47166 Roon- 71
– Meral 47138 Styrumer- 38
– Mevlüt 47137 Hagenauer- 39
– Mevlüt 47137 Unterführungs- 13
– Naci 47053 Gravelotte- 55
– Nebahat 47137 Hagenauer- 41
– Ramazan 47137 Am Mismahlshof 42
– Saniye 47166 Roon- 71
– Selahattin 47057 Kolonie- 218
– Sevdiye 47053 Gravelotte- 55
– Zerrin 47137 Am Mismahlshof 42
Akdem Akife 47139 Berlak- 14
– Aysel 47179 Planeten- 29
– Cihan 47169 Wolf- 27
– Güven 47179 Planeten- 29
– Mehmet 47169 Wolf- 27
Akdemir Abdurahmi
47057 Mülheimer- 142
– Abdullah 47169 Mittel- 29
– Abit 47167 Holtener- 26
– Ali 47051 Stifts- 6
– Beate 47166 Niers- 6
– Besey 47139 Friedrich-Ebert- 165
– Besey 47179 Jupiter- 50
– Birgül 47167 Holtener- 26
– Cem 47057 Strauß- 1
– Derya 47179 Jupiter- 50
– Dilek 47139 Am Stadion 38
– Dilek 47139 Neuender- 91
– Elif 47228 Harald- 2
– Emine 47167 Holtener- 26
– Esker 47166 Ottokar- 5
– Fehmi 47051 Müllersgasse 8
– Ferit 47139 Ostackerweg 48
– Fetiye 47166 Heinrich- 34
– Fevzi 47166 Ottokar- 5
– Fevzi 47226 Margarethen- 64
– Güley 47166 Bertha-von-Suttner- 1
– Gülfer 47139 Schlenk- 6
Firmen, Gewerbebetriebe usw. nach Namen – siehe gelber Teil	A-DU
